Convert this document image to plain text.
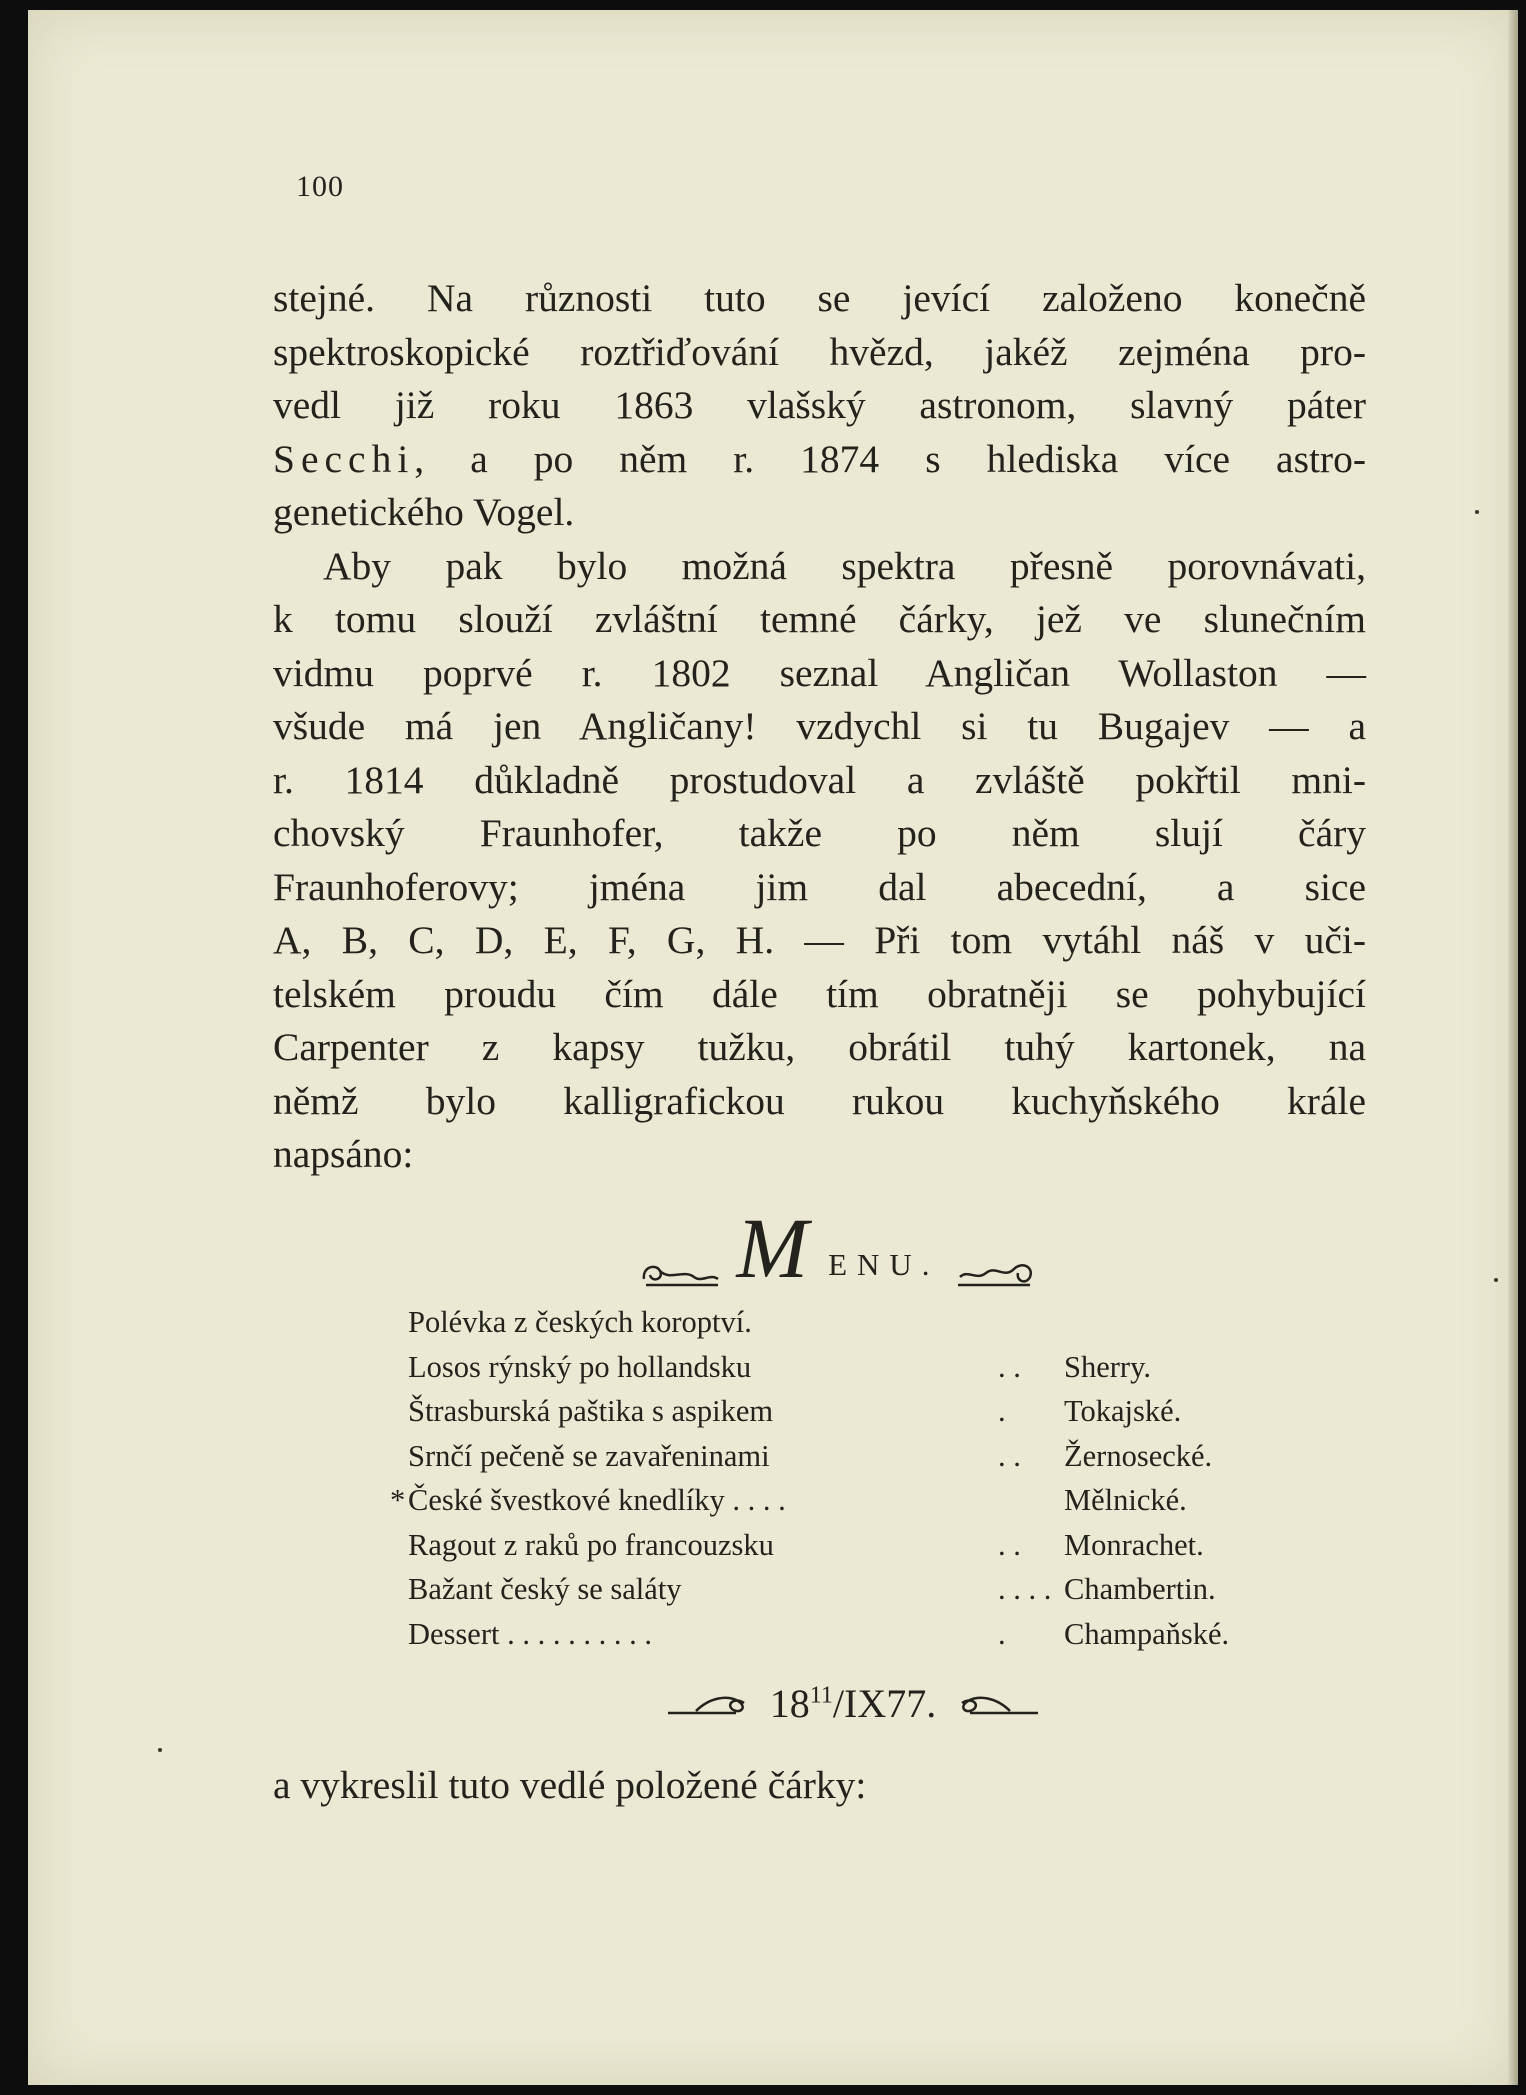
100
stejné. Na různosti tuto se jevící založeno konečně
spektroskopické roztřiďování hvězd, jakéž zejména pro-
vedl již roku 1863 vlašský astronom, slavný páter
Secchi, a po něm r. 1874 s hlediska více astro-
genetického Vogel.
Aby pak bylo možná spektra přesně porovnávati,
k tomu slouží zvláštní temné čárky, jež ve slunečním
vidmu poprvé r. 1802 seznal Angličan Wollaston —
všude má jen Angličany! vzdychl si tu Bugajev — a
r. 1814 důkladně prostudoval a zvláště pokřtil mni-
chovský Fraunhofer, takže po něm slují čáry
Fraunhoferovy; jména jim dal abecední, a sice
A, B, C, D, E, F, G, H. — Při tom vytáhl náš v uči-
telském proudu čím dále tím obratněji se pohybující
Carpenter z kapsy tužku, obrátil tuhý kartonek, na
němž bylo kalligrafickou rukou kuchyňského krále
napsáno:
M ENU.
Polévka z českých koroptví.
Losos rýnský po hollandsku	. .	Sherry.
Štrasburská paštika s aspikem	.	Tokajské.
Srnčí pečeně se zavařeninami	. .	Žernosecké.
* České švestkové knedlíky . . . .	Mělnické.
Ragout z raků po francouzsku	. .	Monrachet.
Bažant český se saláty	. . . . Chambertin.
Dessert . . . . . . . . . .	.	Champaňské.
$18^{11}/IX77$.
a vykreslil tuto vedlé položené čárky:
